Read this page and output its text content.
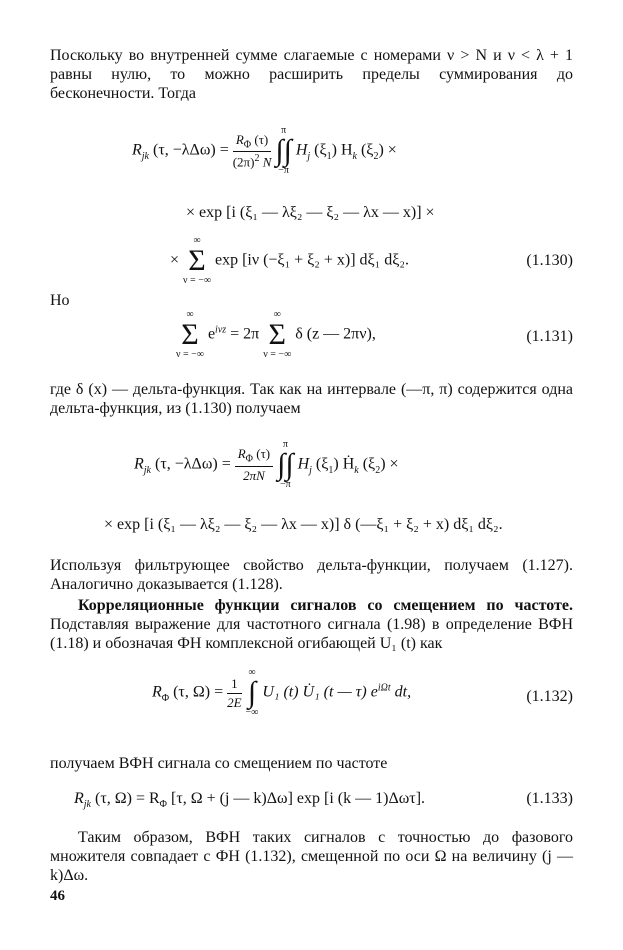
Поскольку во внутренней сумме слагаемые с номерами ν > N и ν < λ + 1 равны нулю, то можно расширить пределы суммирования до бесконечности. Тогда
$R_{jk}$ (τ, $-\lambda\Delta\omega) = \frac{R_\Phi (\tau)}{(2\pi)^2 N}$

π
∫∫
−π
$H_j$ $(\xi_1)$ $H_k$ $(\xi_2)$ ×
× exp [i (ξ₁ — λξ₂ — ξ₂ — λx — x)] ×
×
∞
Σ
ν = −∞
exp [iν (−ξ₁ + ξ₂ + x)] dξ₁ dξ₂.	(1.130)
Но
∞
Σ
ν = −∞
$e^{i\nu z} = 2\pi$
∞
Σ
ν = −∞
δ (z — 2πν),	(1.131)
где δ (x) — дельта-функция. Так как на интервале (—π, π) содержится одна дельта-функция, из (1.130) получаем
$R_{jk}$ (τ, $-\lambda\Delta\omega) = \frac{R_\Phi (\tau)}{2\pi N}$

π
∫∫
−π
$H_j$ $(\xi_1)$ Ḣ$_k$ $(\xi_2)$ ×
× exp [i (ξ₁ — λξ₂ — ξ₂ — λx — x)] δ (—ξ₁ + ξ₂ + x) dξ₁ dξ₂.
Используя фильтрующее свойство дельта-функции, получаем (1.127). Аналогично доказывается (1.128).
Корреляционные функции сигналов со смещением по частоте. Подставляя выражение для частотного сигнала (1.98) в определение ВФН (1.18) и обозначая ФН комплексной огибающей U₁ (t) как
$R_\Phi$ (τ, $\Omega) = \frac{1}{2E}$

∞
∫
−∞
U₁ (t) U̇₁ (t — τ) $e^{i\Omega t}$ dt,	(1.132)
получаем ВФН сигнала со смещением по частоте
$R_{jk}$ (τ, $\Omega) = R_\Phi$ [τ, Ω + (j — k)Δω] exp [i (k — 1)Δωτ].	(1.133)
Таким образом, ВФН таких сигналов с точностью до фазового множителя совпадает с ФН (1.132), смещенной по оси Ω на величину (j — k)Δω.
46
